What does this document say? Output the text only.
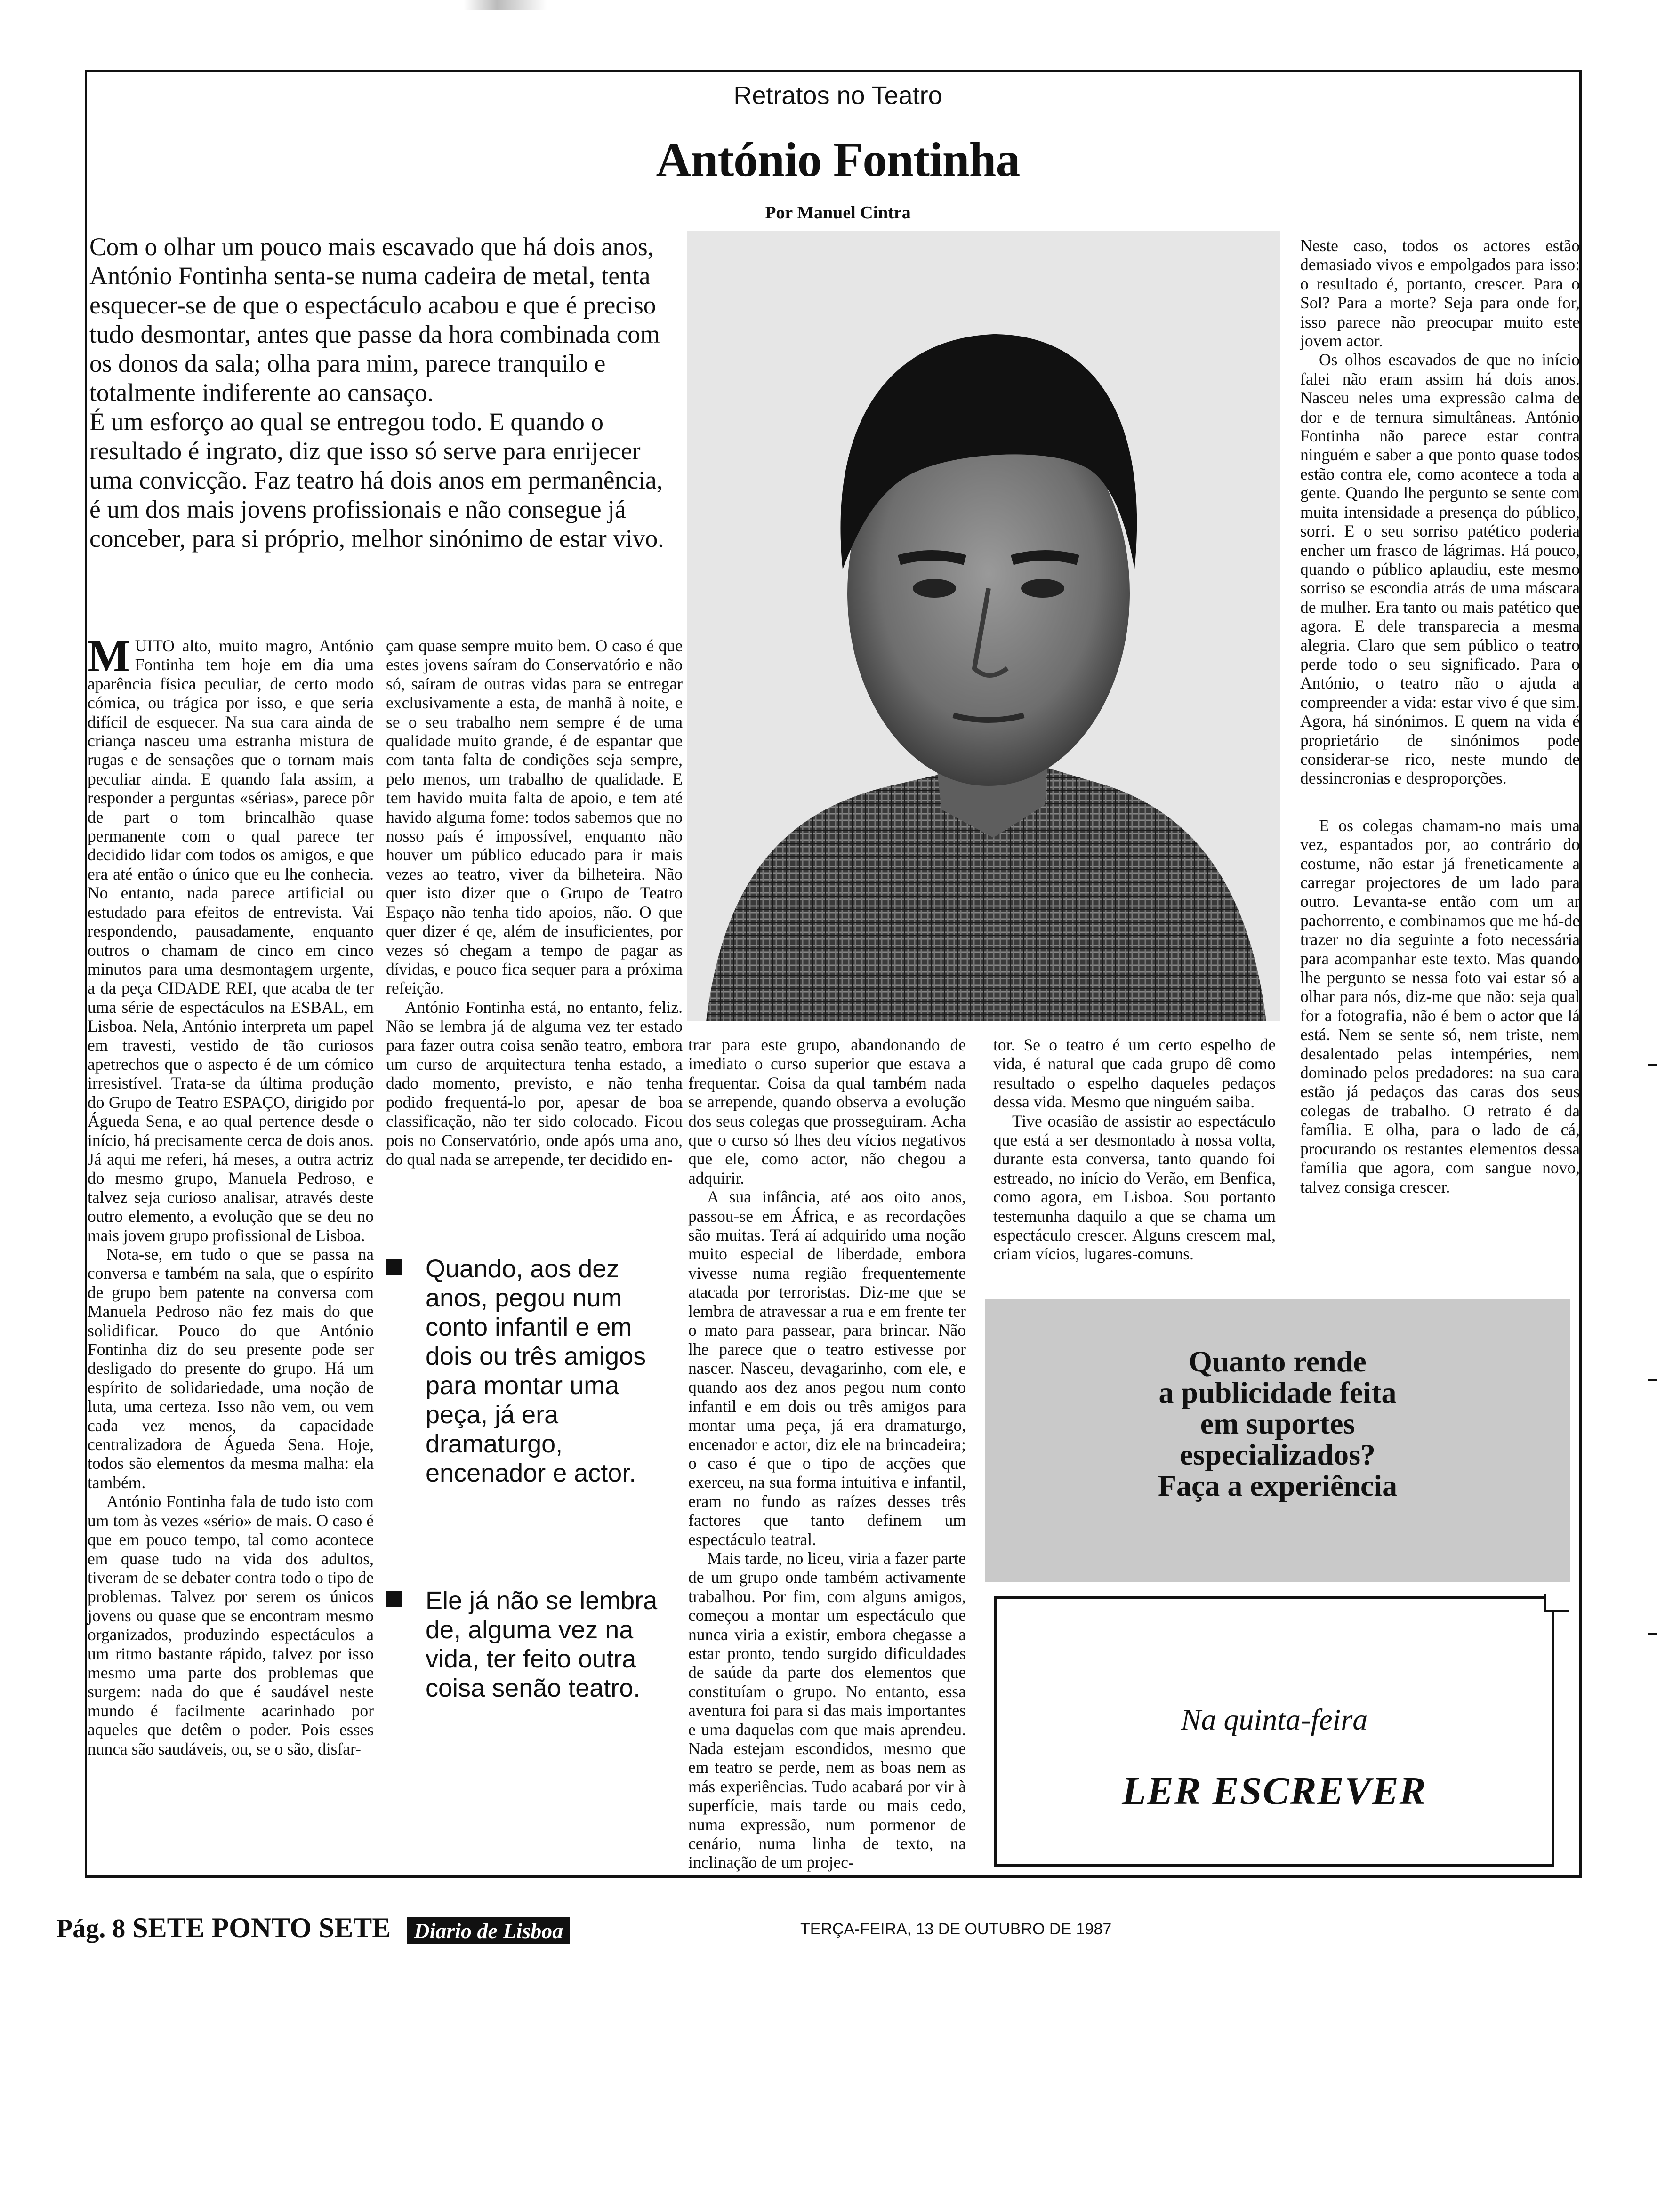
Retratos no Teatro
António Fontinha
Por Manuel Cintra

Com o olhar um pouco mais escavado que há dois anos, António Fontinha senta-se numa cadeira de metal, tenta esquecer-se de que o espectáculo acabou e que é preciso tudo desmontar, antes que passe da hora combinada com os donos da sala; olha para mim, parece tranquilo e totalmente indiferente ao cansaço.

É um esforço ao qual se entregou todo. E quando o resultado é ingrato, diz que isso só serve para enrijecer uma convicção. Faz teatro há dois anos em permanência, é um dos mais jovens profissionais e não consegue já conceber, para si próprio, melhor sinónimo de estar vivo.

MUITO alto, muito magro, António Fontinha tem hoje em dia uma aparência física peculiar, de certo modo cómica, ou trágica por isso, e que seria difícil de esquecer. Na sua cara ainda de criança nasceu uma estranha mistura de rugas e de sensações que o tornam mais peculiar ainda. E quando fala assim, a responder a perguntas «sérias», parece pôr de part o tom brincalhão quase permanente com o qual parece ter decidido lidar com todos os amigos, e que era até então o único que eu lhe conhecia. No entanto, nada parece artificial ou estudado para efeitos de entrevista. Vai respondendo, pausadamente, enquanto outros o chamam de cinco em cinco minutos para uma desmontagem urgente, a da peça CIDADE REI, que acaba de ter uma série de espectáculos na ESBAL, em Lisboa. Nela, António interpreta um papel em travesti, vestido de tão curiosos apetrechos que o aspecto é de um cómico irresistível. Trata-se da última produção do Grupo de Teatro ESPAÇO, dirigido por Águeda Sena, e ao qual pertence desde o início, há precisamente cerca de dois anos. Já aqui me referi, há meses, a outra actriz do mesmo grupo, Manuela Pedroso, e talvez seja curioso analisar, através deste outro elemento, a evolução que se deu no mais jovem grupo profissional de Lisboa.

Nota-se, em tudo o que se passa na conversa e também na sala, que o espírito de grupo bem patente na conversa com Manuela Pedroso não fez mais do que solidificar. Pouco do que António Fontinha diz do seu presente pode ser desligado do presente do grupo. Há um espírito de solidariedade, uma noção de luta, uma certeza. Isso não vem, ou vem cada vez menos, da capacidade centralizadora de Águeda Sena. Hoje, todos são elementos da mesma malha: ela também.

António Fontinha fala de tudo isto com um tom às vezes «sério» de mais. O caso é que em pouco tempo, tal como acontece em quase tudo na vida dos adultos, tiveram de se debater contra todo o tipo de problemas. Talvez por serem os únicos jovens ou quase que se encontram mesmo organizados, produzindo espectáculos a um ritmo bastante rápido, talvez por isso mesmo uma parte dos problemas que surgem: nada do que é saudável neste mundo é facilmente acarinhado por aqueles que detêm o poder. Pois esses nunca são saudáveis, ou, se o são, disfar-

çam quase sempre muito bem. O caso é que estes jovens saíram do Conservatório e não só, saíram de outras vidas para se entregar exclusivamente a esta, de manhã à noite, e se o seu trabalho nem sempre é de uma qualidade muito grande, é de espantar que com tanta falta de condições seja sempre, pelo menos, um trabalho de qualidade. E tem havido muita falta de apoio, e tem até havido alguma fome: todos sabemos que no nosso país é impossível, enquanto não houver um público educado para ir mais vezes ao teatro, viver da bilheteira. Não quer isto dizer que o Grupo de Teatro Espaço não tenha tido apoios, não. O que quer dizer é qe, além de insuficientes, por vezes só chegam a tempo de pagar as dívidas, e pouco fica sequer para a próxima refeição.

António Fontinha está, no entanto, feliz. Não se lembra já de alguma vez ter estado para fazer outra coisa senão teatro, embora um curso de arquitectura tenha estado, a dado momento, previsto, e não tenha podido frequentá-lo por, apesar de boa classificação, não ter sido colocado. Ficou pois no Conservatório, onde após uma ano, do qual nada se arrepende, ter decidido en-

Quando, aos dez anos, pegou num conto infantil e em dois ou três amigos para montar uma peça, já era dramaturgo, encenador e actor.
Ele já não se lembra de, alguma vez na vida, ter feito outra coisa senão teatro.

trar para este grupo, abandonando de imediato o curso superior que estava a frequentar. Coisa da qual também nada se arrepende, quando observa a evolução dos seus colegas que prosseguiram. Acha que o curso só lhes deu vícios negativos que ele, como actor, não chegou a adquirir.

A sua infância, até aos oito anos, passou-se em África, e as recordações são muitas. Terá aí adquirido uma noção muito especial de liberdade, embora vivesse numa região frequentemente atacada por terroristas. Diz-me que se lembra de atravessar a rua e em frente ter o mato para passear, para brincar. Não lhe parece que o teatro estivesse por nascer. Nasceu, devagarinho, com ele, e quando aos dez anos pegou num conto infantil e em dois ou três amigos para montar uma peça, já era dramaturgo, encenador e actor, diz ele na brincadeira; o caso é que o tipo de acções que exerceu, na sua forma intuitiva e infantil, eram no fundo as raízes desses três factores que tanto definem um espectáculo teatral.

Mais tarde, no liceu, viria a fazer parte de um grupo onde também activamente trabalhou. Por fim, com alguns amigos, começou a montar um espectáculo que nunca viria a existir, embora chegasse a estar pronto, tendo surgido dificuldades de saúde da parte dos elementos que constituíam o grupo. No entanto, essa aventura foi para si das mais importantes e uma daquelas com que mais aprendeu. Nada estejam escondidos, mesmo que em teatro se perde, nem as boas nem as más experiências. Tudo acabará por vir à superfície, mais tarde ou mais cedo, numa expressão, num pormenor de cenário, numa linha de texto, na inclinação de um projec-

tor. Se o teatro é um certo espelho de vida, é natural que cada grupo dê como resultado o espelho daqueles pedaços dessa vida. Mesmo que ninguém saiba.

Tive ocasião de assistir ao espectáculo que está a ser desmontado à nossa volta, durante esta conversa, tanto quando foi estreado, no início do Verão, em Benfica, como agora, em Lisboa. Sou portanto testemunha daquilo a que se chama um espectáculo crescer. Alguns crescem mal, criam vícios, lugares-comuns.

Neste caso, todos os actores estão demasiado vivos e empolgados para isso: o resultado é, portanto, crescer. Para o Sol? Para a morte? Seja para onde for, isso parece não preocupar muito este jovem actor.

Os olhos escavados de que no início falei não eram assim há dois anos. Nasceu neles uma expressão calma de dor e de ternura simultâneas. António Fontinha não parece estar contra ninguém e saber a que ponto quase todos estão contra ele, como acontece a toda a gente. Quando lhe pergunto se sente com muita intensidade a presença do público, sorri. E o seu sorriso patético poderia encher um frasco de lágrimas. Há pouco, quando o público aplaudiu, este mesmo sorriso se escondia atrás de uma máscara de mulher. Era tanto ou mais patético que agora. E dele transparecia a mesma alegria. Claro que sem público o teatro perde todo o seu significado. Para o António, o teatro não o ajuda a compreender a vida: estar vivo é que sim. Agora, há sinónimos. E quem na vida é proprietário de sinónimos pode considerar-se rico, neste mundo de dessincronias e desproporções.

E os colegas chamam-no mais uma vez, espantados por, ao contrário do costume, não estar já freneticamente a carregar projectores de um lado para outro. Levanta-se então com um ar pachorrento, e combinamos que me há-de trazer no dia seguinte a foto necessária para acompanhar este texto. Mas quando lhe pergunto se nessa foto vai estar só a olhar para nós, diz-me que não: seja qual for a fotografia, não é bem o actor que lá está. Nem se sente só, nem triste, nem desalentado pelas intempéries, nem dominado pelos predadores: na sua cara estão já pedaços das caras dos seus colegas de trabalho. O retrato é da família. E olha, para o lado de cá, procurando os restantes elementos dessa família que agora, com sangue novo, talvez consiga crescer.

Quanto rende
a publicidade feita
em suportes
especializados?
Faça a experiência
Na quinta-feira
LER ESCREVER
Pág. 8 SETE PONTO SETE Diario de Lisboa	TERÇA-FEIRA, 13 DE OUTUBRO DE 1987
